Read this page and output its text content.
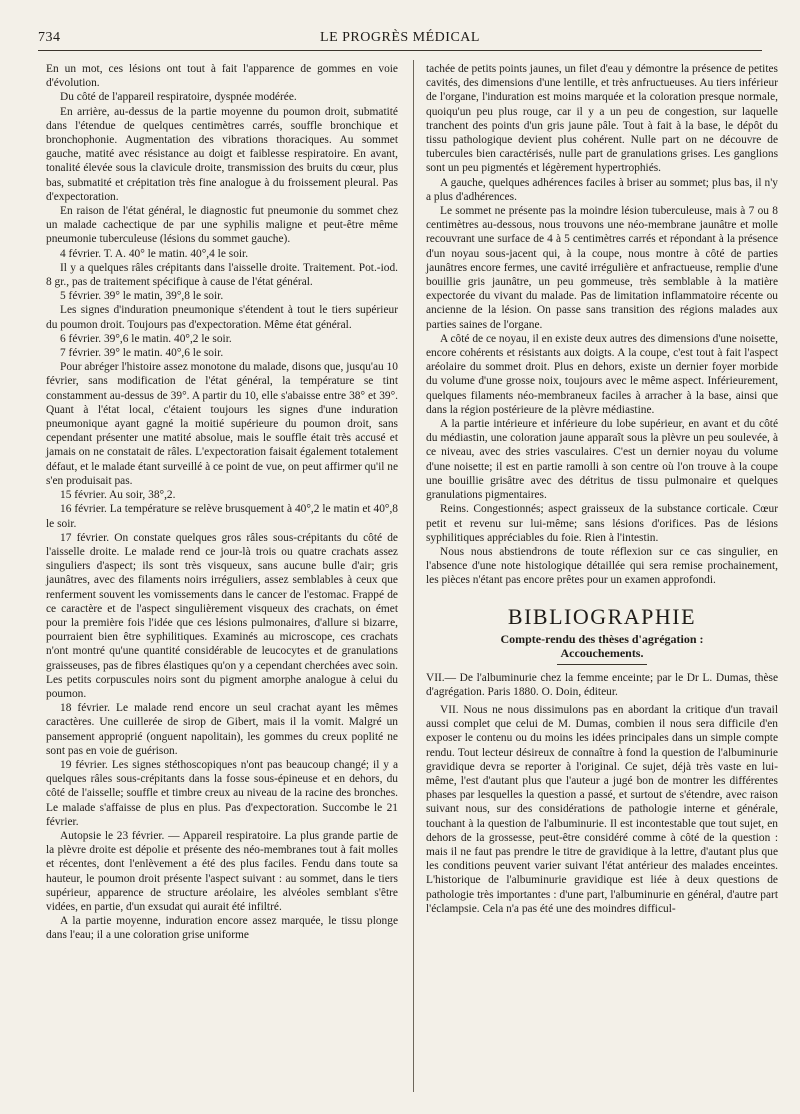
734	LE PROGRÈS MÉDICAL

En un mot, ces lésions ont tout à fait l'apparence de gommes en voie d'évolution.

Du côté de l'appareil respiratoire, dyspnée modérée.

En arrière, au-dessus de la partie moyenne du poumon droit, submatité dans l'étendue de quelques centimètres carrés, souffle bronchique et bronchophonie. Augmentation des vibrations thoraciques. Au sommet gauche, matité avec résistance au doigt et faiblesse respiratoire. En avant, tonalité élevée sous la clavicule droite, transmission des bruits du cœur, plus bas, submatité et crépitation très fine analogue à du froissement pleural. Pas d'expectoration.

En raison de l'état général, le diagnostic fut pneumonie du sommet chez un malade cachectique de par une syphilis maligne et peut-être même pneumonie tuberculeuse (lésions du sommet gauche).

4 février. T. A. 40° le matin. 40°,4 le soir.

Il y a quelques râles crépitants dans l'aisselle droite. Traitement. Pot.-iod. 8 gr., pas de traitement spécifique à cause de l'état général.

5 février. 39° le matin, 39°,8 le soir.

Les signes d'induration pneumonique s'étendent à tout le tiers supérieur du poumon droit. Toujours pas d'expectoration. Même état général.

6 février. 39°,6 le matin. 40°,2 le soir.

7 février. 39° le matin. 40°,6 le soir.

Pour abréger l'histoire assez monotone du malade, disons que, jusqu'au 10 février, sans modification de l'état général, la température se tint constamment au-dessus de 39°. A partir du 10, elle s'abaisse entre 38° et 39°. Quant à l'état local, c'étaient toujours les signes d'une induration pneumonique ayant gagné la moitié supérieure du poumon droit, sans cependant présenter une matité absolue, mais le souffle était très accusé et jamais on ne constatait de râles. L'expectoration faisait également totalement défaut, et le malade étant surveillé à ce point de vue, on peut affirmer qu'il ne s'en produisait pas.

15 février. Au soir, 38°,2.

16 février. La température se relève brusquement à 40°,2 le matin et 40°,8 le soir.

17 février. On constate quelques gros râles sous-crépitants du côté de l'aisselle droite. Le malade rend ce jour-là trois ou quatre crachats assez singuliers d'aspect; ils sont très visqueux, sans aucune bulle d'air; gris jaunâtres, avec des filaments noirs irréguliers, assez semblables à ceux que renferment souvent les vomissements dans le cancer de l'estomac. Frappé de ce caractère et de l'aspect singulièrement visqueux des crachats, on émet pour la première fois l'idée que ces lésions pulmonaires, d'allure si bizarre, pourraient bien être syphilitiques. Examinés au microscope, ces crachats n'ont montré qu'une quantité considérable de leucocytes et de granulations graisseuses, pas de fibres élastiques qu'on y a cependant cherchées avec soin. Les petits corpuscules noirs sont du pigment amorphe analogue à celui du poumon.

18 février. Le malade rend encore un seul crachat ayant les mêmes caractères. Une cuillerée de sirop de Gibert, mais il la vomit. Malgré un pansement approprié (onguent napolitain), les gommes du creux poplité ne sont pas en voie de guérison.

19 février. Les signes stéthoscopiques n'ont pas beaucoup changé; il y a quelques râles sous-crépitants dans la fosse sous-épineuse et en dehors, du côté de l'aisselle; souffle et timbre creux au niveau de la racine des bronches. Le malade s'affaisse de plus en plus. Pas d'expectoration. Succombe le 21 février.

Autopsie le 23 février. — Appareil respiratoire. La plus grande partie de la plèvre droite est dépolie et présente des néo-membranes tout à fait molles et récentes, dont l'enlèvement a été des plus faciles. Fendu dans toute sa hauteur, le poumon droit présente l'aspect suivant : au sommet, dans le tiers supérieur, apparence de structure aréolaire, les alvéoles semblant s'être vidées, en partie, d'un exsudat qui aurait été infiltré.

A la partie moyenne, induration encore assez marquée, le tissu plonge dans l'eau; il a une coloration grise uniforme

tachée de petits points jaunes, un filet d'eau y démontre la présence de petites cavités, des dimensions d'une lentille, et très anfructueuses. Au tiers inférieur de l'organe, l'induration est moins marquée et la coloration presque normale, quoiqu'un peu plus rouge, car il y a un peu de congestion, sur laquelle tranchent des points d'un gris jaune pâle. Tout à fait à la base, le dépôt du tissu pathologique devient plus cohérent. Nulle part on ne découvre de tubercules bien caractérisés, nulle part de granulations grises. Les ganglions sont un peu pigmentés et légèrement hypertrophiés.

A gauche, quelques adhérences faciles à briser au sommet; plus bas, il n'y a plus d'adhérences.

Le sommet ne présente pas la moindre lésion tuberculeuse, mais à 7 ou 8 centimètres au-dessous, nous trouvons une néo-membrane jaunâtre et molle recouvrant une surface de 4 à 5 centimètres carrés et répondant à la présence d'un noyau sous-jacent qui, à la coupe, nous montre à côté de parties jaunâtres encore fermes, une cavité irrégulière et anfractueuse, remplie d'une bouillie gris jaunâtre, un peu gommeuse, très semblable à la matière expectorée du vivant du malade. Pas de limitation inflammatoire récente ou ancienne de la lésion. On passe sans transition des régions malades aux parties saines de l'organe.

A côté de ce noyau, il en existe deux autres des dimensions d'une noisette, encore cohérents et résistants aux doigts. A la coupe, c'est tout à fait l'aspect aréolaire du sommet droit. Plus en dehors, existe un dernier foyer morbide du volume d'une grosse noix, toujours avec le même aspect. Inférieurement, quelques filaments néo-membraneux faciles à arracher à la base, ainsi que dans la région postérieure de la plèvre médiastine.

A la partie intérieure et inférieure du lobe supérieur, en avant et du côté du médiastin, une coloration jaune apparaît sous la plèvre un peu soulevée, à ce niveau, avec des stries vasculaires. C'est un dernier noyau du volume d'une noisette; il est en partie ramolli à son centre où l'on trouve à la coupe une bouillie grisâtre avec des détritus de tissu pulmonaire et quelques granulations pigmentaires.

Reins. Congestionnés; aspect graisseux de la substance corticale. Cœur petit et revenu sur lui-même; sans lésions d'orifices. Pas de lésions syphilitiques appréciables du foie. Rien à l'intestin.

Nous nous abstiendrons de toute réflexion sur ce cas singulier, en l'absence d'une note histologique détaillée qui sera remise prochainement, les pièces n'étant pas encore prêtes pour un examen approfondi.

BIBLIOGRAPHIE
Compte-rendu des thèses d'agrégation :
Accouchements.

VII.— De l'albuminurie chez la femme enceinte; par le Dr L. Dumas, thèse d'agrégation. Paris 1880. O. Doin, éditeur.

VII. Nous ne nous dissimulons pas en abordant la critique d'un travail aussi complet que celui de M. Dumas, combien il nous sera difficile d'en exposer le contenu ou du moins les idées principales dans un simple compte rendu. Tout lecteur désireux de connaître à fond la question de l'albuminurie gravidique devra se reporter à l'original. Ce sujet, déjà très vaste en lui-même, l'est d'autant plus que l'auteur a jugé bon de montrer les différentes phases par lesquelles la question a passé, et surtout de s'étendre, avec raison suivant nous, sur des considérations de pathologie interne et générale, touchant à la question de l'albuminurie. Il est incontestable que tout sujet, en dehors de la grossesse, peut-être considéré comme à côté de la question : mais il ne faut pas prendre le titre de gravidique à la lettre, d'autant plus que les conditions peuvent varier suivant l'état antérieur des malades enceintes. L'historique de l'albuminurie gravidique est liée à deux questions de pathologie très importantes : d'une part, l'albuminurie en général, d'autre part l'éclampsie. Cela n'a pas été une des moindres difficul-
